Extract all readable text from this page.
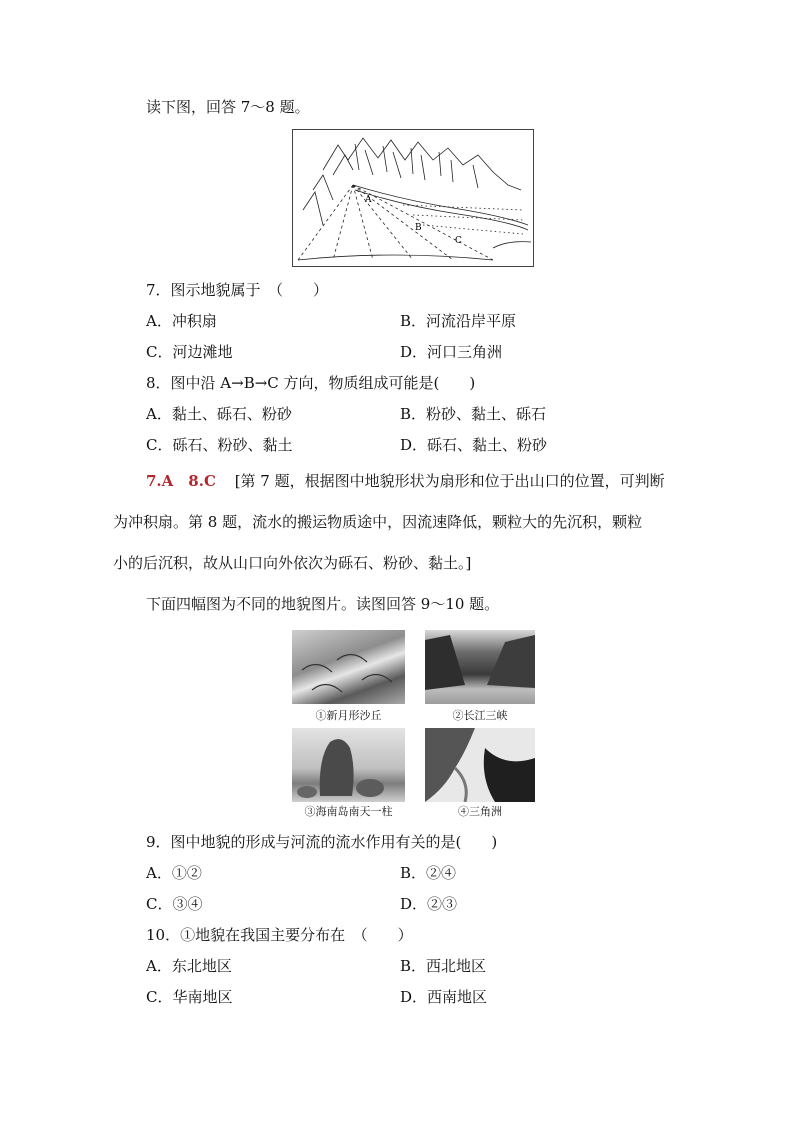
读下图，回答 7～8 题。
A
B
C
7．图示地貌属于　（　　）
A．冲积扇	B．河流沿岸平原
C．河边滩地	D．河口三角洲
8．图中沿 A→B→C 方向，物质组成可能是(　　)
A．黏土、砾石、粉砂	B．粉砂、黏土、砾石
C．砾石、粉砂、黏土	D．砾石、黏土、粉砂
7.A　8.C [第 7 题，根据图中地貌形状为扇形和位于出山口的位置，可判断
为冲积扇。第 8 题，流水的搬运物质途中，因流速降低，颗粒大的先沉积，颗粒
小的后沉积，故从山口向外依次为砾石、粉砂、黏土。]
下面四幅图为不同的地貌图片。读图回答 9～10 题。
①新月形沙丘	②长江三峡
③海南岛南天一柱	④三角洲
9．图中地貌的形成与河流的流水作用有关的是(　　)
A．①②	B．②④
C．③④	D．②③
10．①地貌在我国主要分布在　（　　）
A．东北地区	B．西北地区
C．华南地区	D．西南地区
